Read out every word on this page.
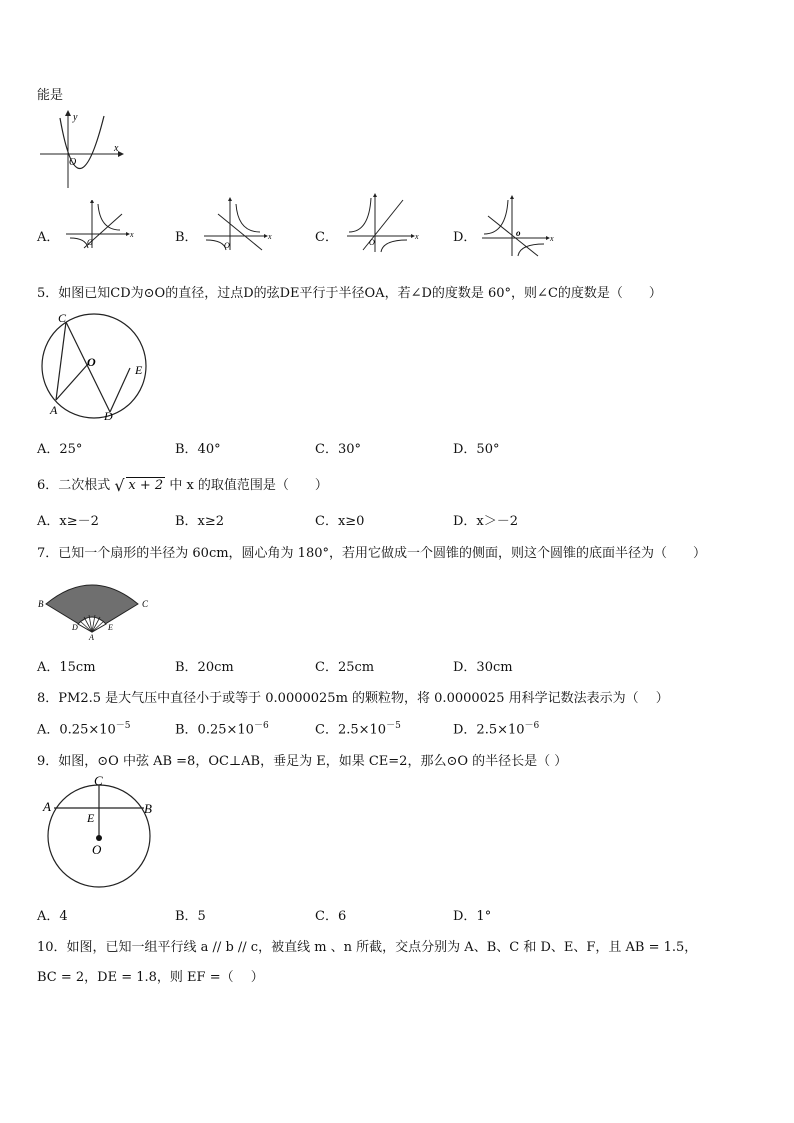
能是
x
y
O
A．	x
O	B．	x
O
C．	x
O	D．	x
o
5．如图已知CD为⊙O的直径，过点D的弦DE平行于半径OA，若∠D的度数是 60°，则∠C的度数是（　　）
C
O
E
A	D
A．25°	B．40°	C．30°	D．50°
6．二次根式 √ x + 2 中 x 的取值范围是（　　）
A．x≥－2	B．x≥2	C．x≥0	D．x＞－2
7．已知一个扇形的半径为 60cm，圆心角为 180°，若用它做成一个圆锥的侧面，则这个圆锥的底面半径为（　　）
B	C
D	E
A
A．15cm	B．20cm	C．25cm	D．30cm
8．PM2.5 是大气压中直径小于或等于 0.0000025m 的颗粒物，将 0.0000025 用科学记数法表示为（　 ）
A．$0.25\times 10^{-5}$	B．$0.25\times 10^{-6}$	C．$2.5\times 10^{-5}$	D．$2.5\times 10^{-6}$
9．如图，⊙O 中弦 AB =8，OC⊥AB，垂足为 E，如果 CE=2，那么⊙O 的半径长是（ ）
C
A	B
E
O
A．4	B．5	C．6	D．1°
10．如图，已知一组平行线 a // b // c，被直线 m 、n 所截，交点分别为 A、B、C 和 D、E、F，且 AB = 1.5，
BC = 2，DE = 1.8，则 EF =（　 ）
